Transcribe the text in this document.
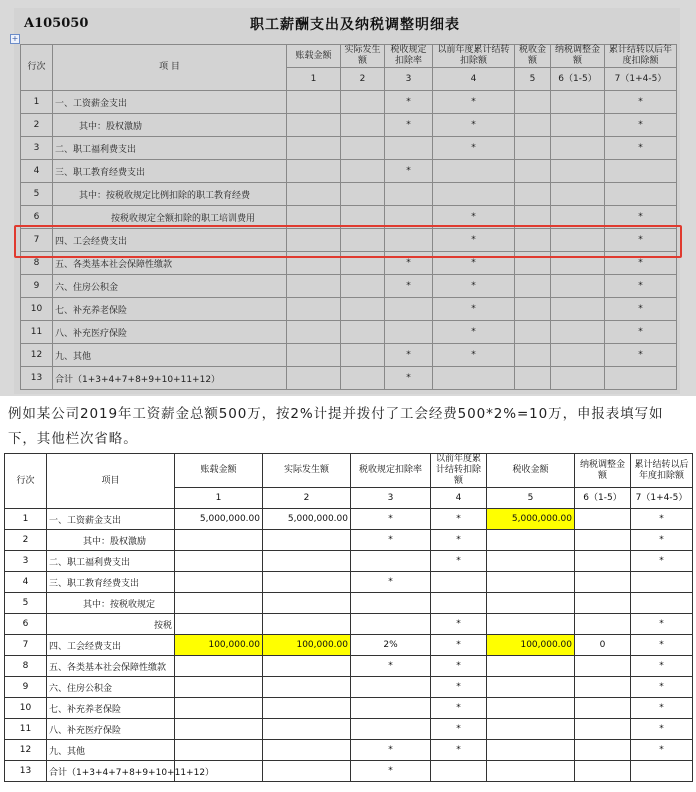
+
A105050	职工薪酬支出及纳税调整明细表
行次	项 目	账载金额	实际发生额	税收规定扣除率	以前年度累计结转扣除额	税收金额	纳税调整金额	累计结转以后年度扣除额
		1	2	3	4	5	6（1-5）	7（1+4-5）
1	一、工资薪金支出			*	*			*
2	其中：股权激励			*	*			*
3	二、职工福利费支出				*			*
4	三、职工教育经费支出			*				
5	其中：按税收规定比例扣除的职工教育经费							
6	按税收规定全额扣除的职工培训费用				*			*
7	四、工会经费支出				*			*
8	五、各类基本社会保障性缴款			*	*			*
9	六、住房公积金			*	*			*
10	七、补充养老保险				*			*
11	八、补充医疗保险				*			*
12	九、其他			*	*			*
13	合计（1+3+4+7+8+9+10+11+12）			*				
例如某公司2019年工资薪金总额500万，按2%计提并拨付了工会经费500*2%=10万，申报表填写如下，其他栏次省略。
行次	项目	账载金额	实际发生额	税收规定扣除率	以前年度累计结转扣除额	税收金额	纳税调整金额	累计结转以后年度扣除额
		1	2	3	4	5	6（1-5）	7（1+4-5）
1	一、工资薪金支出	5,000,000.00	5,000,000.00	*	*	5,000,000.00		*
2	其中：股权激励			*	*			*
3	二、职工福利费支出				*			*
4	三、职工教育经费支出			*				
5	其中：按税收规定							
6	按税				*			*
7	四、工会经费支出	100,000.00	100,000.00	2%	*	100,000.00	0	*
8	五、各类基本社会保障性缴款			*	*			*
9	六、住房公积金				*			*
10	七、补充养老保险				*			*
11	八、补充医疗保险				*			*
12	九、其他			*	*			*
13	合计（1+3+4+7+8+9+10+11+12）			*				
